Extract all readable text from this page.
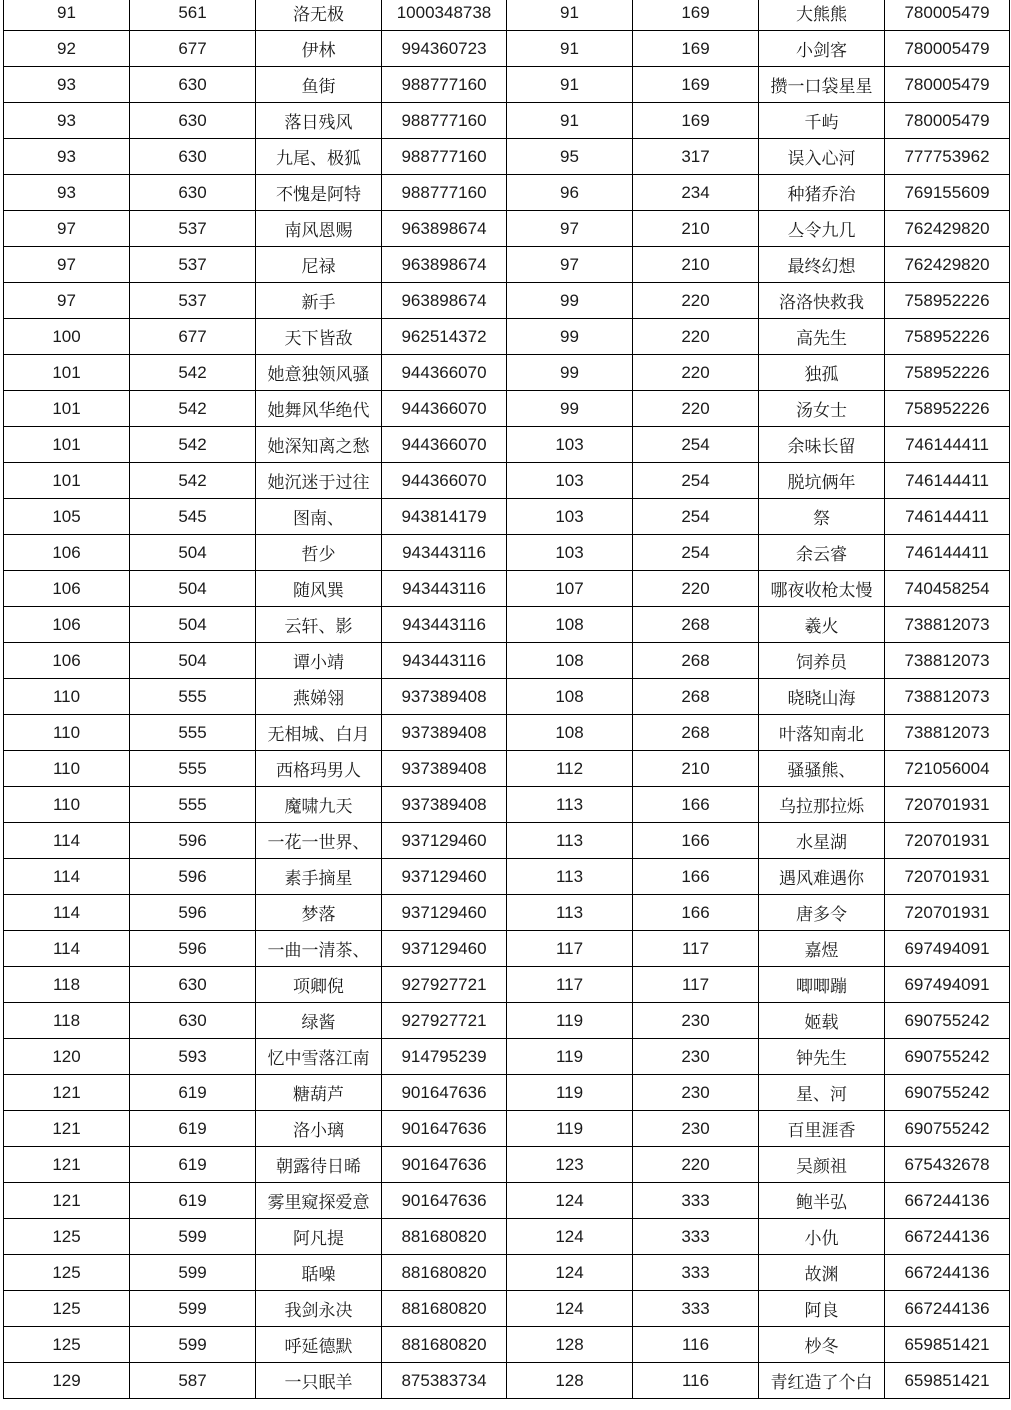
91	561	洛无极	1000348738	91	169	大熊熊	780005479
92	677	伊林	994360723	91	169	小剑客	780005479
93	630	鱼街	988777160	91	169	攒一口袋星星	780005479
93	630	落日残风	988777160	91	169	千屿	780005479
93	630	九尾、极狐	988777160	95	317	误入心河	777753962
93	630	不愧是阿特	988777160	96	234	种猪乔治	769155609
97	537	南风恩赐	963898674	97	210	亼令九几	762429820
97	537	尼禄	963898674	97	210	最终幻想	762429820
97	537	新手	963898674	99	220	洛洛快救我	758952226
100	677	天下皆敌	962514372	99	220	高先生	758952226
101	542	她意独领风骚	944366070	99	220	独孤	758952226
101	542	她舞风华绝代	944366070	99	220	汤女士	758952226
101	542	她深知离之愁	944366070	103	254	余味长留	746144411
101	542	她沉迷于过往	944366070	103	254	脱坑俩年	746144411
105	545	图南、	943814179	103	254	祭	746144411
106	504	哲少	943443116	103	254	余云睿	746144411
106	504	随风巽	943443116	107	220	哪夜收枪太慢	740458254
106	504	云轩、影	943443116	108	268	羲火	738812073
106	504	谭小靖	943443116	108	268	饲养员	738812073
110	555	燕娣翎	937389408	108	268	晓晓山海	738812073
110	555	无相城、白月	937389408	108	268	叶落知南北	738812073
110	555	西格玛男人	937389408	112	210	骚骚熊、	721056004
110	555	魔啸九天	937389408	113	166	乌拉那拉烁	720701931
114	596	一花一世界、	937129460	113	166	水星湖	720701931
114	596	素手摘星	937129460	113	166	遇风难遇你	720701931
114	596	梦落	937129460	113	166	唐多令	720701931
114	596	一曲一清茶、	937129460	117	117	嘉煜	697494091
118	630	项卿倪	927927721	117	117	唧唧蹦	697494091
118	630	绿酱	927927721	119	230	姬载	690755242
120	593	忆中雪落江南	914795239	119	230	钟先生	690755242
121	619	糖葫芦	901647636	119	230	星、河	690755242
121	619	洛小璃	901647636	119	230	百里涯香	690755242
121	619	朝露待日晞	901647636	123	220	吴颜祖	675432678
121	619	雾里窥探爱意	901647636	124	333	鲍半弘	667244136
125	599	阿凡提	881680820	124	333	小仇	667244136
125	599	聒噪	881680820	124	333	故渊	667244136
125	599	我剑永决	881680820	124	333	阿良	667244136
125	599	呼延德默	881680820	128	116	杪冬	659851421
129	587	一只眠羊	875383734	128	116	青红造了个白	659851421
